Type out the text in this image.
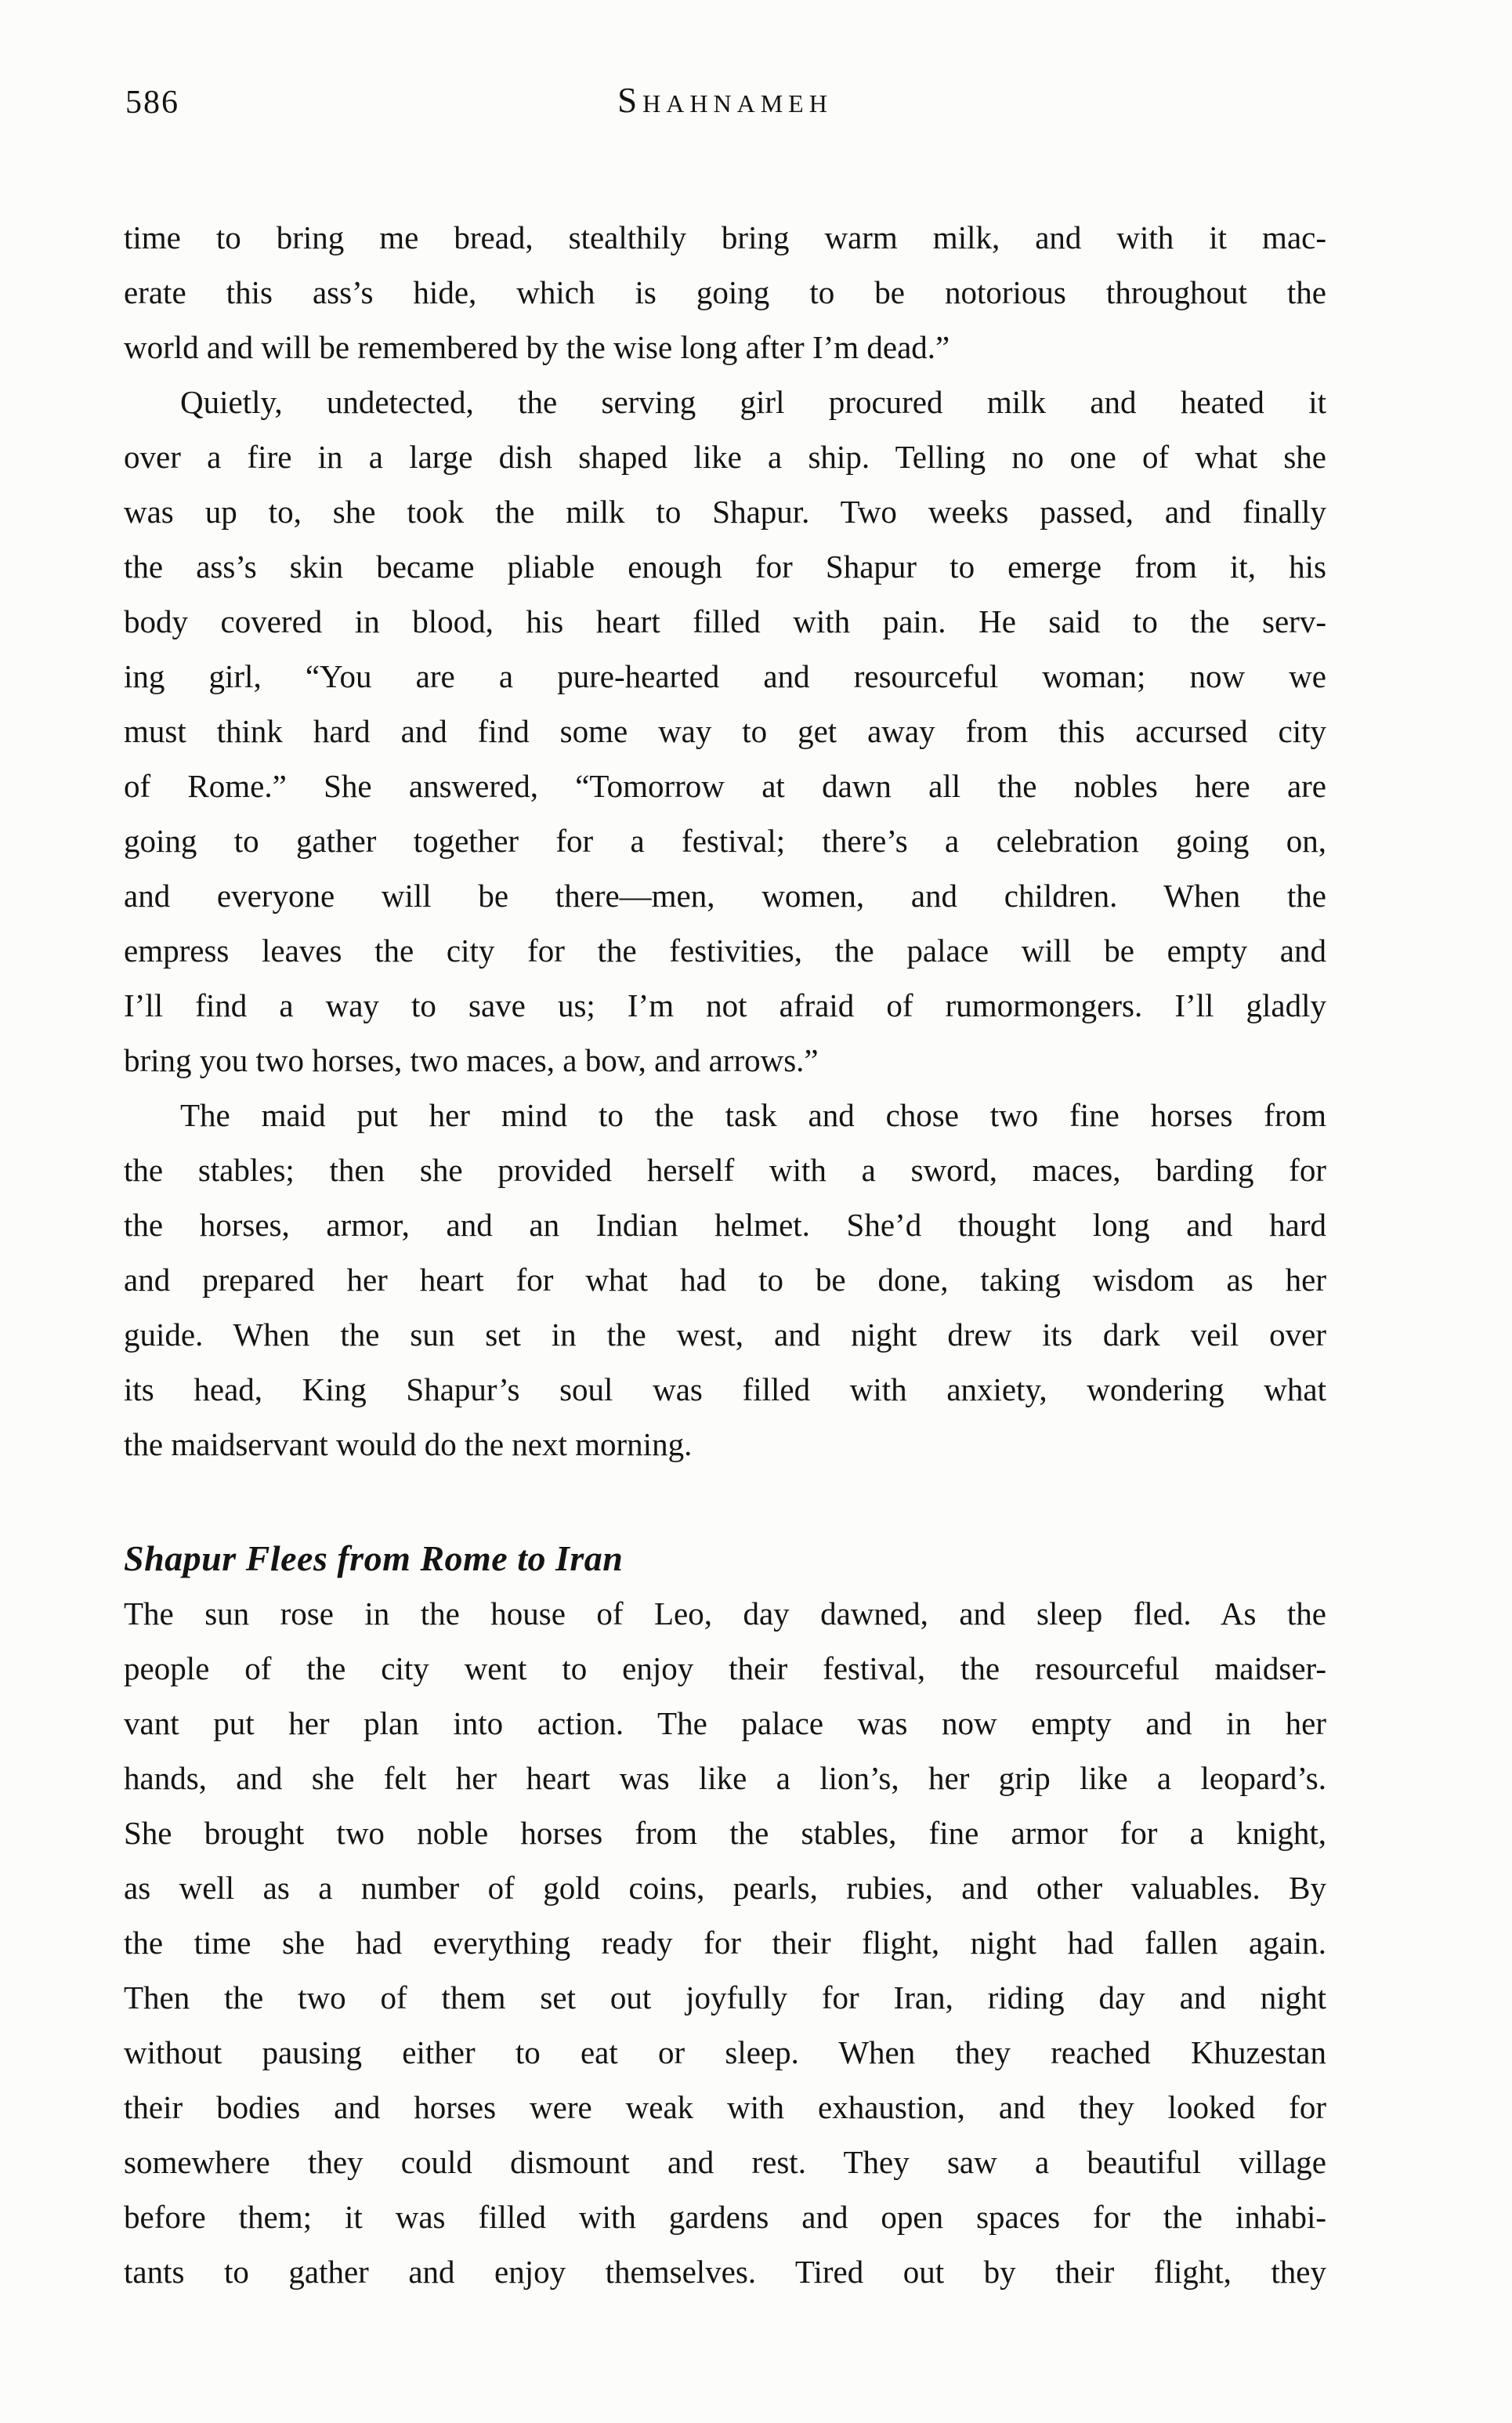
586	Shahnameh
time to bring me bread, stealthily bring warm milk, and with it mac-
erate this ass’s hide, which is going to be notorious throughout the
world and will be remembered by the wise long after I’m dead.”
Quietly, undetected, the serving girl procured milk and heated it
over a fire in a large dish shaped like a ship. Telling no one of what she
was up to, she took the milk to Shapur. Two weeks passed, and finally
the ass’s skin became pliable enough for Shapur to emerge from it, his
body covered in blood, his heart filled with pain. He said to the serv-
ing girl, “You are a pure-hearted and resourceful woman; now we
must think hard and find some way to get away from this accursed city
of Rome.” She answered, “Tomorrow at dawn all the nobles here are
going to gather together for a festival; there’s a celebration going on,
and everyone will be there—men, women, and children. When the
empress leaves the city for the festivities, the palace will be empty and
I’ll find a way to save us; I’m not afraid of rumormongers. I’ll gladly
bring you two horses, two maces, a bow, and arrows.”
The maid put her mind to the task and chose two fine horses from
the stables; then she provided herself with a sword, maces, barding for
the horses, armor, and an Indian helmet. She’d thought long and hard
and prepared her heart for what had to be done, taking wisdom as her
guide. When the sun set in the west, and night drew its dark veil over
its head, King Shapur’s soul was filled with anxiety, wondering what
the maidservant would do the next morning.
Shapur Flees from Rome to Iran
The sun rose in the house of Leo, day dawned, and sleep fled. As the
people of the city went to enjoy their festival, the resourceful maidser-
vant put her plan into action. The palace was now empty and in her
hands, and she felt her heart was like a lion’s, her grip like a leopard’s.
She brought two noble horses from the stables, fine armor for a knight,
as well as a number of gold coins, pearls, rubies, and other valuables. By
the time she had everything ready for their flight, night had fallen again.
Then the two of them set out joyfully for Iran, riding day and night
without pausing either to eat or sleep. When they reached Khuzestan
their bodies and horses were weak with exhaustion, and they looked for
somewhere they could dismount and rest. They saw a beautiful village
before them; it was filled with gardens and open spaces for the inhabi-
tants to gather and enjoy themselves. Tired out by their flight, they
